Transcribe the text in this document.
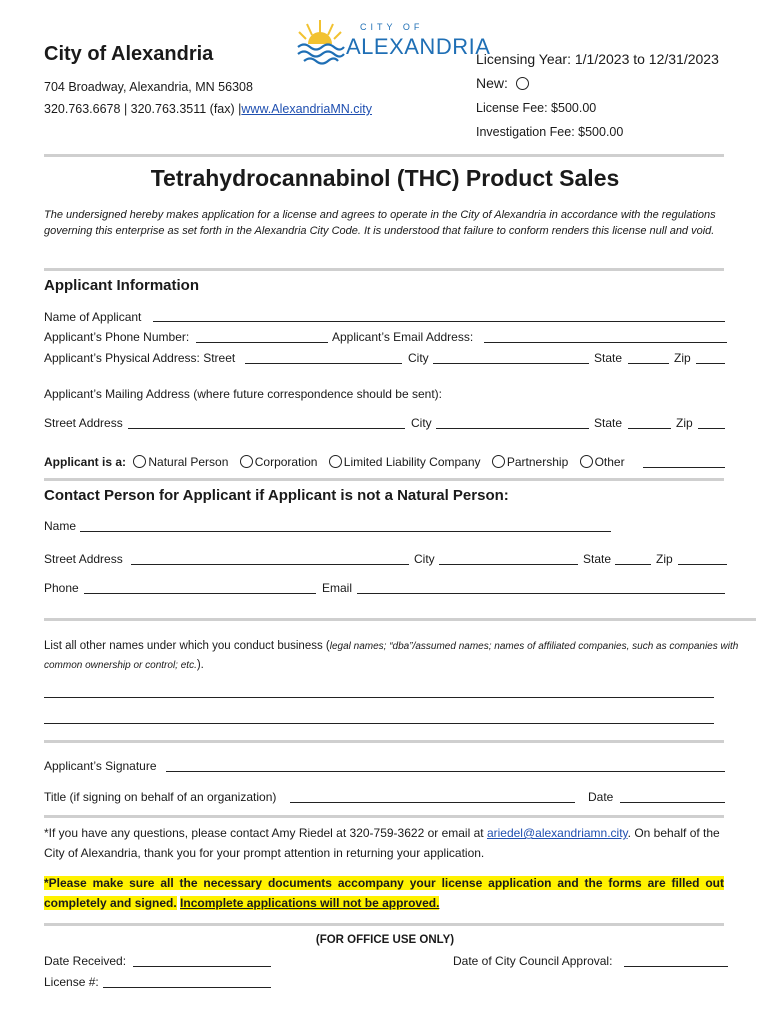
City of Alexandria
704 Broadway, Alexandria, MN 56308
320.763.6678 | 320.763.3511 (fax) |www.AlexandriaMN.city
CITY OF
ALEXANDRIA
Licensing Year: 1/1/2023 to 12/31/2023
New:
License Fee: $500.00
Investigation Fee: $500.00
Tetrahydrocannabinol (THC) Product Sales
The undersigned hereby makes application for a license and agrees to operate in the City of Alexandria in accordance with the regulations governing this enterprise as set forth in the Alexandria City Code. It is understood that failure to conform renders this license null and void.
Applicant Information
Name of Applicant
Applicant’s Phone Number:	Applicant’s Email Address:
Applicant’s Physical Address: Street	City	State	Zip
Applicant’s Mailing Address (where future correspondence should be sent):
Street Address	City	State	Zip
Applicant is a: Natural Person Corporation Limited Liability Company Partnership Other
Contact Person for Applicant if Applicant is not a Natural Person:
Name
Street Address	City	State	Zip
Phone	Email
List all other names under which you conduct business (legal names; “dba”/assumed names; names of affiliated companies, such as companies with common ownership or control; etc.).
Applicant’s Signature
Title (if signing on behalf of an organization)	Date
*If you have any questions, please contact Amy Riedel at 320-759-3622 or email at ariedel@alexandriamn.city. On behalf of the City of Alexandria, thank you for your prompt attention in returning your application.
*Please make sure all the necessary documents accompany your license application and the forms are filled out completely and signed. Incomplete applications will not be approved.
(FOR OFFICE USE ONLY)
Date Received:	Date of City Council Approval:
License #:
